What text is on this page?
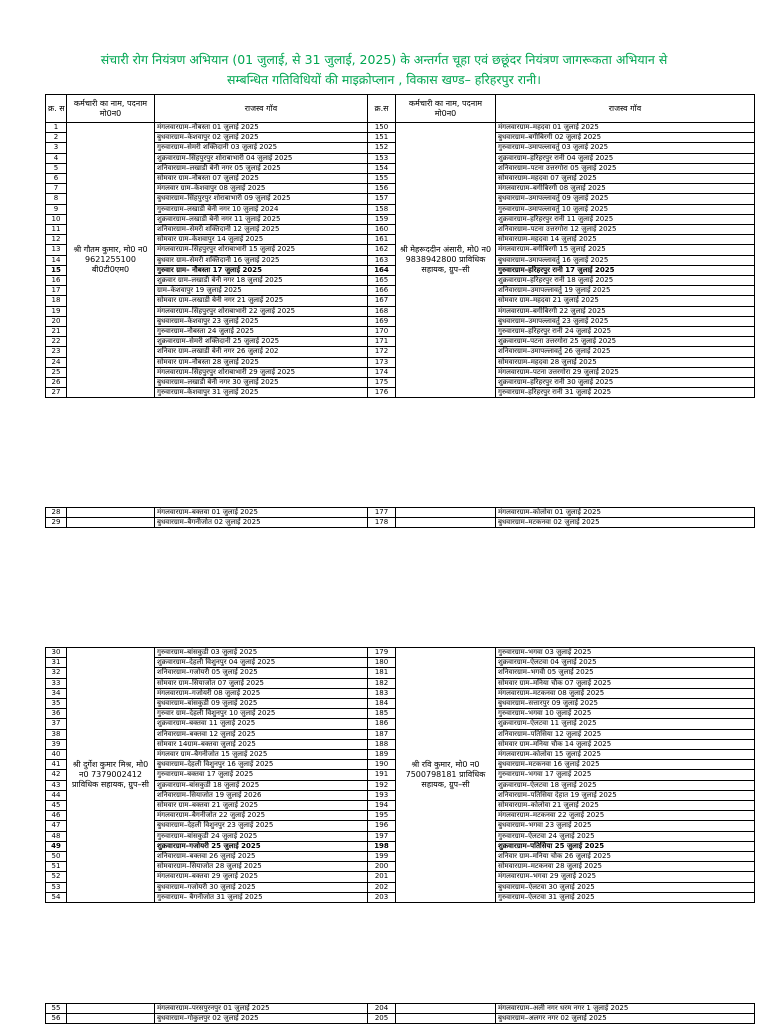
संचारी रोग नियंत्रण अभियान (01 जुलाई, से 31 जुलाई, 2025) के अन्तर्गत चूहा एवं छछूंदर नियंत्रण जागरूकता अभियान से
सम्बन्धित गतिविधियों की माइक्रोप्लान , विकास खण्ड– हरिहरपुर रानी।
क्र. स	कर्मचारी का नाम, पदनाम मो0न0	राजस्व गॉव	क्र.स	कर्मचारी का नाम, पदनाम मो0न0	राजस्व गॉव
1	श्री गौतम कुमार, मो0 न0 9621255100 बी0टी0एम0	मंगलवारग्राम–नौबस्ता 01 जुलाई 2025	150	श्री मेहरूददीन अंसारी, मो0 न0 9838942800 प्राविधिक सहायक, ग्रुप–सी	मंगलवारग्राम–महदवा 01 जुलाई 2025
2		बुधवारग्राम–केशवापुर 02 जुलाई 2025	151		बुधवारग्राम–बगीबिरगी 02 जुलाई 2025
3		गुरुवारग्राम–सेमरी शक्तिदानी 03 जुलाई 2025	152		गुरुवारग्राम–उमापल्लावर्तु 03 जुलाई 2025
4		शुक्रवारग्राम–सिंहपुरपुर शोराबाभारी 04 जुलाई 2025	153		शुक्रवारग्राम–हरिहरपुर रानी 04 जुलाई 2025
5		शनिवारग्राम–लखाडी बेनी नगर 05 जुलाई 2025	154		शनिवारग्राम–पटना उत्तरगोरा 05 जुलाई 2025
6		सोमवार ग्राम–नौबस्ता 07 जुलाई 2025	155		सोमवारग्राम–महदवा 07 जुलाई 2025
7		मंगलवार ग्राम–केशवापुर 08 जुलाई 2025	156		मंगलवारग्राम–बगीबिरगी 08 जुलाई 2025
8		बुधवारग्राम–सिंहपुरपुर शोराबाभारी 09 जुलाई 2025	157		बुधवारग्राम–उमापल्लावर्तु 09 जुलाई 2025
9		गुरुवारग्राम–लखाडी बेनी नगर 10 जुलाई 2024	158		गुरुवारग्राम–उमापल्लावर्तु 10 जुलाई 2025
10		शुक्रवारग्राम–लखाडी बेनी नगर 11 जुलाई 2025	159		शुक्रवारग्राम–हरिहरपुर रानी 11 जुलाई 2025
11		शनिवारग्राम–सेमरी शक्तिदानी 12 जुलाई 2025	160		शनिवारग्राम–पटना उत्तरगोरा 12 जुलाई 2025
12		सोमवार ग्राम–केशवापुर 14 जुलाई 2025	161		सोमवारग्राम–महदवा 14 जुलाई 2025
13		मंगलवारग्राम–सिंहपुरपुर शोराबाभारी 15 जुलाई 2025	162		मंगलवारग्राम–बगीबिरगी 15 जुलाई 2025
14		बुधवार ग्राम–सेमरी शक्तिदानी 16 जुलाई 2025	163		बुधवारग्राम–उमापल्लावर्तु 16 जुलाई 2025
15		गुरुवार ग्राम– नौबस्ता 17 जुलाई 2025	164		गुरुवारग्राम–हरिहरपुर रानी 17 जुलाई 2025
16		शुक्रवार ग्राम–लखाडी बेनी नगर 18 जुलाई 2025	165		शुक्रवारग्राम–हरिहरपुर रानी 18 जुलाई 2025
17		ग्राम–केशवापुर 19 जुलाई 2025	166		शनिवारग्राम–उमापल्लावर्तु 19 जुलाई 2025
18		सोमवार ग्राम–लखाडी बेनी नगर 21 जुलाई 2025	167		सोमवार ग्राम–महदवा 21 जुलाई 2025
19		मंगलवारग्राम–सिंहपुरपुर शोराबाभारी 22 जुलाई 2025	168		मंगलवारग्राम–बगीबिरगी 22 जुलाई 2025
20		बुधवारग्राम–केशवापुर 23 जुलाई 2025	169		बुधवारग्राम–उमापल्लावर्तु 23 जुलाई 2025
21		गुरुवारग्राम–नौबस्ता 24 जुलाई 2025	170		गुरुवारग्राम–हरिहरपुर रानी 24 जुलाई 2025
22		शुक्रवारग्राम–सेमरी शक्तिदानी 25 जुलाई 2025	171		शुक्रवारग्राम–पटना उत्तरगोरा 25 जुलाई 2025
23		शनिवार ग्राम–लखाडी बेनी नगर 26 जुलाई 202	172		शनिवारग्राम–उमापल्लावर्तु 26 जुलाई 2025
24		सोमवार ग्राम–नौबस्ता 28 जुलाई 2025	173		सोमवारग्राम–महदवा 28 जुलाई 2025
25		मंगलवारग्राम–सिंहपुरपुर शोराबाभारी 29 जुलाई 2025	174		मंगलवारग्राम–पटना उत्तरगोरा 29 जुलाई 2025
26		बुधवारग्राम–लखाडी बेनी नगर 30 जुलाई 2025	175		शुक्रवारग्राम–हरिहरपुर रानी 30 जुलाई 2025
27		गुरुवारग्राम–केशवापुर 31 जुलाई 2025	176		गुरुवारग्राम–हरिहरपुर रानी 31 जुलाई 2025
28		मंगलवारग्राम–बक्तवा 01 जुलाई 2025	177		मंगलवारग्राम–कोलोवा 01 जुलाई 2025
29		बुधवारग्राम–बैगनीजोत 02 जुलाई 2025	178		बुधवारग्राम–मटकनवा 02 जुलाई 2025
30	श्री दुर्गेश कुमार मिश्र, मो0 न0 7379002412 प्राविधिक सहायक, ग्रुप–सी	गुरुवारग्राम–बांसकुडी 03 जुलाई 2025	179	श्री रवि कुमार, मो0 न0 7500798181 प्राविधिक सहायक, ग्रुप–सी	गुरुवारग्राम–भगवा 03 जुलाई 2025
31		शुक्रवारग्राम–देहली विशुनपुर 04 जुलाई 2025	180		शुक्रवारग्राम–ऐलटवा 04 जुलाई 2025
32		शनिवारग्राम–गजोयरी 05 जुलाई 2025	181		शनिवारग्राम–भगवी 05 जुलाई 2025
33		सोमवार ग्राम–सियाजोत 07 जुलाई 2025	182		सोमवार ग्राम–मनिया चौक 07 जुलाई 2025
34		मंगलवारग्राम–गजोयरी 08 जुलाई 2025	183		मंगलवारग्राम–मटकनवा 08 जुलाई 2025
35		बुधवारग्राम–बांसकुडी 09 जुलाई 2025	184		बुधवारग्राम–सत्तारपुर 09 जुलाई 2025
36		गुरुवार ग्राम–देहली विशुनपुर 10 जुलाई 2025	185		गुरुवारग्राम–भगवा 10 जुलाई 2025
37		शुक्रवारग्राम–बक्तवा 11 जुलाई 2025	186		शुक्रवारग्राम–ऐलटवा 11 जुलाई 2025
38		शनिवारग्राम–बक्तवा 12 जुलाई 2025	187		शनिवारग्राम–पतिसिया 12 जुलाई 2025
39		सोमवार 14ग्राम–बक्तवा जुलाई 2025	188		सोमवार ग्राम–मनिया चौक 14 जुलाई 2025
40		मंगलवार ग्राम–बैगनीजोत 15 जुलाई 2025	189		मंगलवारग्राम–कोलोवा 15 जुलाई 2025
41		बुधवारग्राम–देहली विशुनपुर 16 जुलाई 2025	190		बुधवारग्राम–मटकनवा 16 जुलाई 2025
42		गुरुवारग्राम–बक्तवा 17 जुलाई 2025	191		गुरुवारग्राम–भगवा 17 जुलाई 2025
43		शुक्रवारग्राम–बांसकुडी 18 जुलाई 2025	192		शुक्रवारग्राम–ऐलटवा 18 जुलाई 2025
44		शनिवारग्राम–सियाजोत 19 जुलाई 2026	193		शनिवारग्राम–पतिसिया देहात 19 जुलाई 2025
45		सोमवार ग्राम–बक्तवा 21 जुलाई 2025	194		सोमवारग्राम–कोलोवा 21 जुलाई 2025
46		मंगलवारग्राम–बैगनीजोत 22 जुलाई 2025	195		मंगलवारग्राम–मटकनवा 22 जुलाई 2025
47		बुधवारग्राम–देहली विशुनपुर 23 जुलाई 2025	196		बुधवारग्राम–भगवा 23 जुलाई 2025
48		गुरुवारग्राम–बांसकुडी 24 जुलाई 2025	197		गुरुवारग्राम–ऐलटवा 24 जुलाई 2025
49		शुक्रवारग्राम–गजोयरी 25 जुलाई 2025	198		शुक्रवारग्राम–पतिसिया 25 जुलाई 2025
50		शनिवारग्राम–बक्तवा 26 जुलाई 2025	199		शनिवार ग्राम–मनिया चौक 26 जुलाई 2025
51		सोमवारग्राम–सियाजोत 28 जुलाई 2025	200		सोमवारग्राम–मटकनवा 28 जुलाई 2025
52		मंगलवारग्राम–बक्तवा 29 जुलाई 2025	201		मंगलवारग्राम–भगवा 29 जुलाई 2025
53		बुधवारग्राम–गजोयरी 30 जुलाई 2025	202		बुधवारग्राम–ऐलटवा 30 जुलाई 2025
54		गुरुवारग्राम– बैगनीजोत 31 जुलाई 2025	203		गुरुवारग्राम–ऐलटवा 31 जुलाई 2025
55		मंगलवारग्राम–परसपुरनपुर 01 जुलाई 2025	204		मंगलवारग्राम–अली नगर धरम नगर 1 जुलाई 2025
56		बुधवारग्राम–गोकुलपुर 02 जुलाई 2025	205		बुधवारग्राम–अलगर नगर 02 जुलाई 2025
